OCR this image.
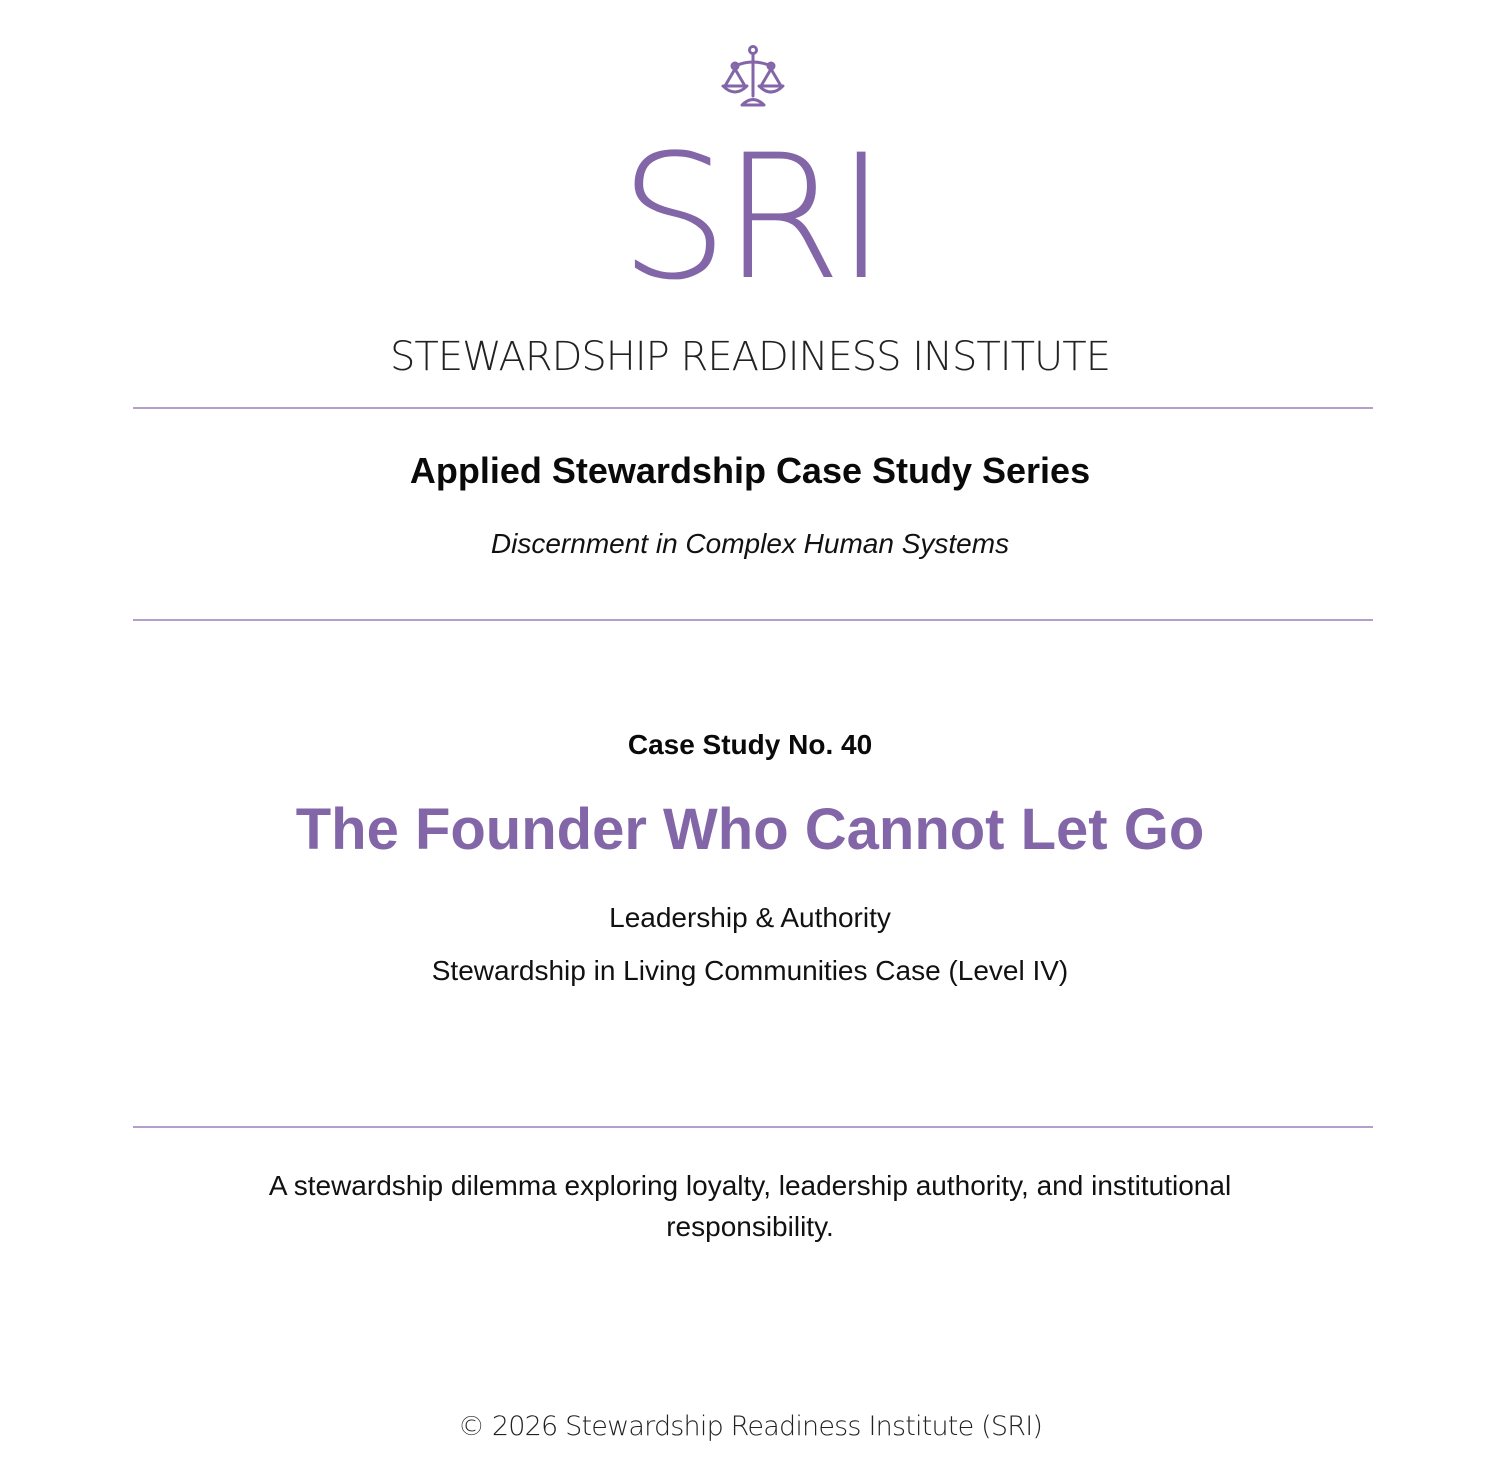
SRI
STEWARDSHIP READINESS INSTITUTE
Applied Stewardship Case Study Series
Discernment in Complex Human Systems
Case Study No. 40
The Founder Who Cannot Let Go
Leadership & Authority
Stewardship in Living Communities Case (Level IV)
A stewardship dilemma exploring loyalty, leadership authority, and institutional responsibility.
© 2026 Stewardship Readiness Institute (SRI)
